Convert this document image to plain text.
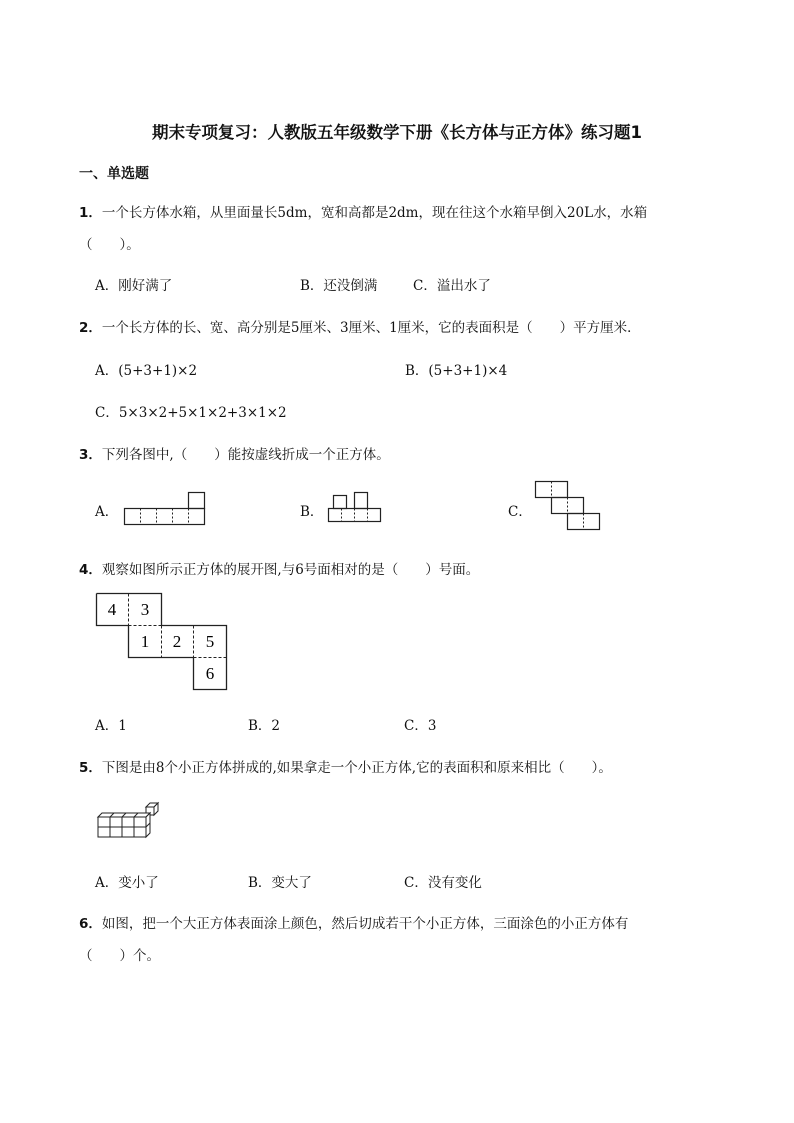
期末专项复习：人教版五年级数学下册《长方体与正方体》练习题1
一、单选题
1．一个长方体水箱，从里面量长5dm，宽和高都是2dm，现在往这个水箱早倒入20L水，水箱
（　　）。
A．刚好满了	B．还没倒满	C．溢出水了
2．一个长方体的长、宽、高分别是5厘米、3厘米、1厘米，它的表面积是（　　）平方厘米．
A．(5+3+1)×2	B．(5+3+1)×4
C．5×3×2+5×1×2+3×1×2
3．下列各图中,（　　）能按虚线折成一个正方体。
A．	B．	C．
4．观察如图所示正方体的展开图,与6号面相对的是（　　）号面。
4 3
1 2 5
6
A．1	B．2	C．3
5．下图是由8个小正方体拼成的,如果拿走一个小正方体,它的表面积和原来相比（　　）。
A．变小了	B．变大了	C．没有变化
6．如图，把一个大正方体表面涂上颜色，然后切成若干个小正方体，三面涂色的小正方体有
（　　）个。
